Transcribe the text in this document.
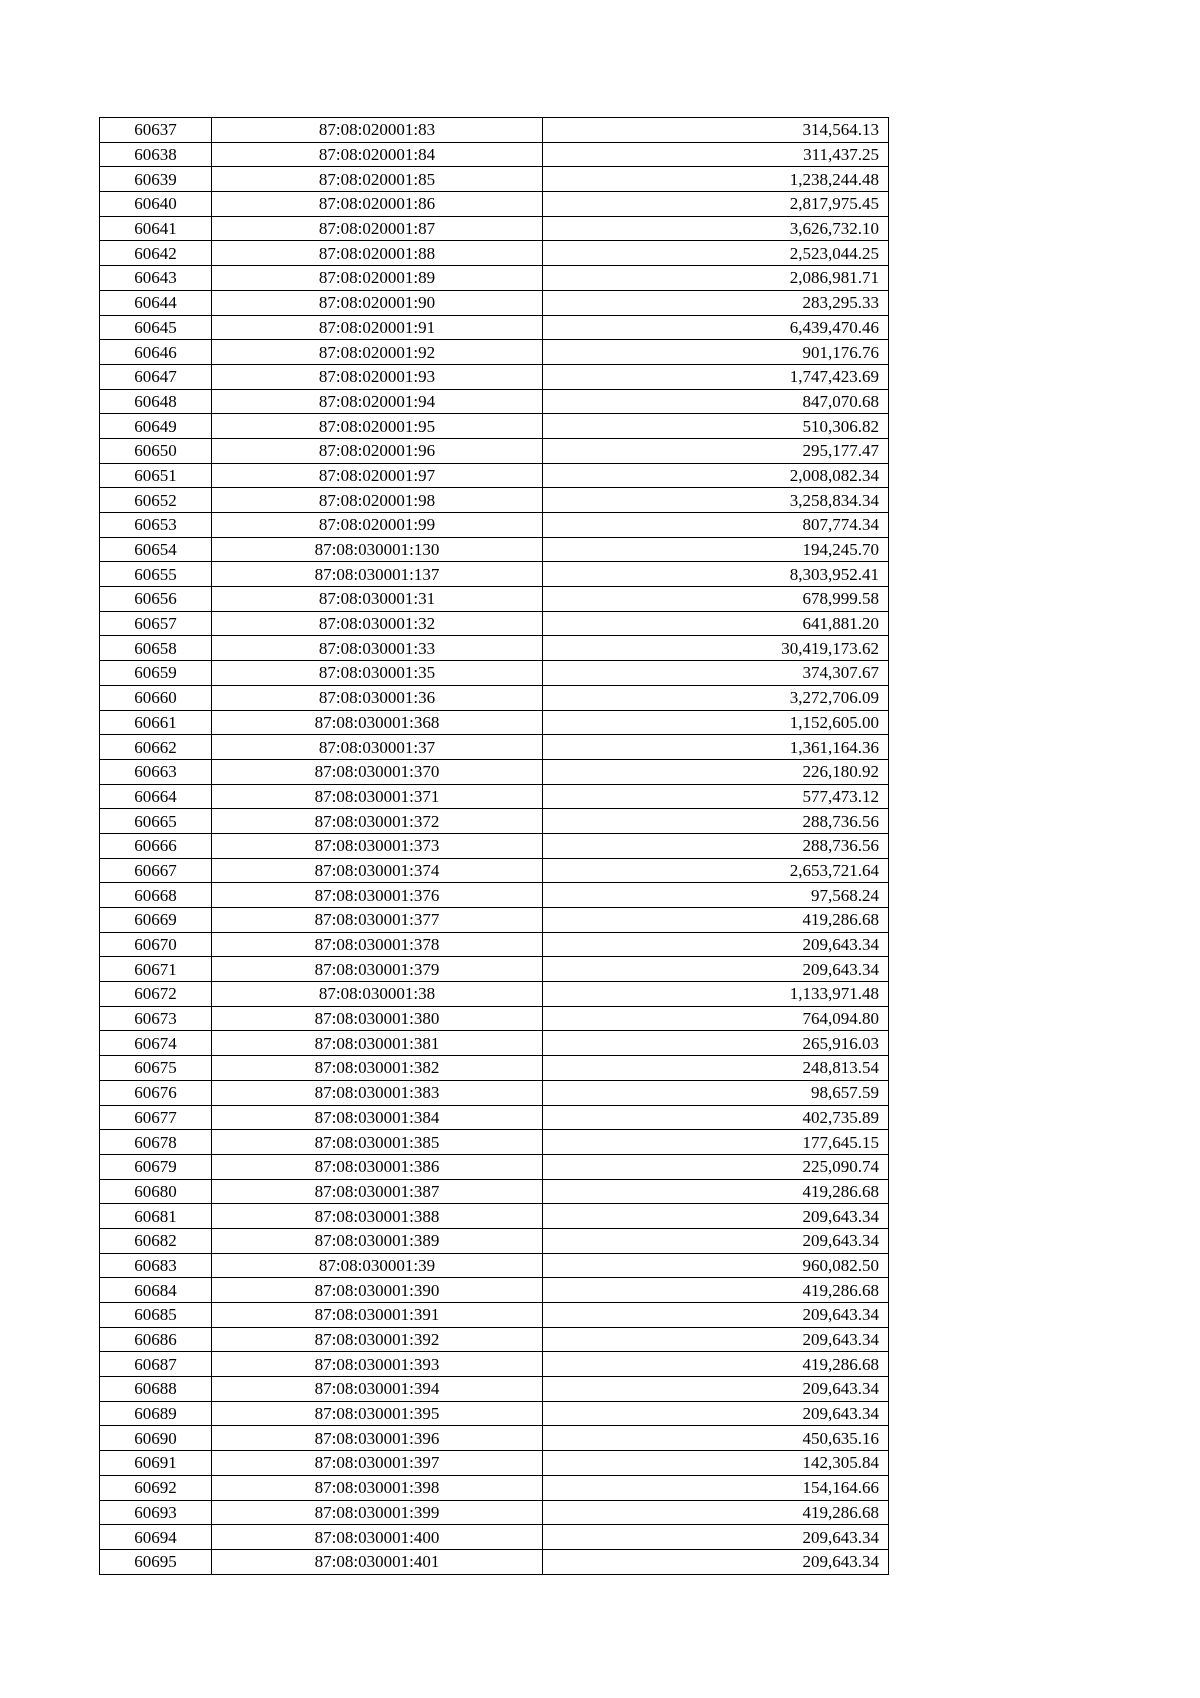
60637	87:08:020001:83	314,564.13
60638	87:08:020001:84	311,437.25
60639	87:08:020001:85	1,238,244.48
60640	87:08:020001:86	2,817,975.45
60641	87:08:020001:87	3,626,732.10
60642	87:08:020001:88	2,523,044.25
60643	87:08:020001:89	2,086,981.71
60644	87:08:020001:90	283,295.33
60645	87:08:020001:91	6,439,470.46
60646	87:08:020001:92	901,176.76
60647	87:08:020001:93	1,747,423.69
60648	87:08:020001:94	847,070.68
60649	87:08:020001:95	510,306.82
60650	87:08:020001:96	295,177.47
60651	87:08:020001:97	2,008,082.34
60652	87:08:020001:98	3,258,834.34
60653	87:08:020001:99	807,774.34
60654	87:08:030001:130	194,245.70
60655	87:08:030001:137	8,303,952.41
60656	87:08:030001:31	678,999.58
60657	87:08:030001:32	641,881.20
60658	87:08:030001:33	30,419,173.62
60659	87:08:030001:35	374,307.67
60660	87:08:030001:36	3,272,706.09
60661	87:08:030001:368	1,152,605.00
60662	87:08:030001:37	1,361,164.36
60663	87:08:030001:370	226,180.92
60664	87:08:030001:371	577,473.12
60665	87:08:030001:372	288,736.56
60666	87:08:030001:373	288,736.56
60667	87:08:030001:374	2,653,721.64
60668	87:08:030001:376	97,568.24
60669	87:08:030001:377	419,286.68
60670	87:08:030001:378	209,643.34
60671	87:08:030001:379	209,643.34
60672	87:08:030001:38	1,133,971.48
60673	87:08:030001:380	764,094.80
60674	87:08:030001:381	265,916.03
60675	87:08:030001:382	248,813.54
60676	87:08:030001:383	98,657.59
60677	87:08:030001:384	402,735.89
60678	87:08:030001:385	177,645.15
60679	87:08:030001:386	225,090.74
60680	87:08:030001:387	419,286.68
60681	87:08:030001:388	209,643.34
60682	87:08:030001:389	209,643.34
60683	87:08:030001:39	960,082.50
60684	87:08:030001:390	419,286.68
60685	87:08:030001:391	209,643.34
60686	87:08:030001:392	209,643.34
60687	87:08:030001:393	419,286.68
60688	87:08:030001:394	209,643.34
60689	87:08:030001:395	209,643.34
60690	87:08:030001:396	450,635.16
60691	87:08:030001:397	142,305.84
60692	87:08:030001:398	154,164.66
60693	87:08:030001:399	419,286.68
60694	87:08:030001:400	209,643.34
60695	87:08:030001:401	209,643.34
